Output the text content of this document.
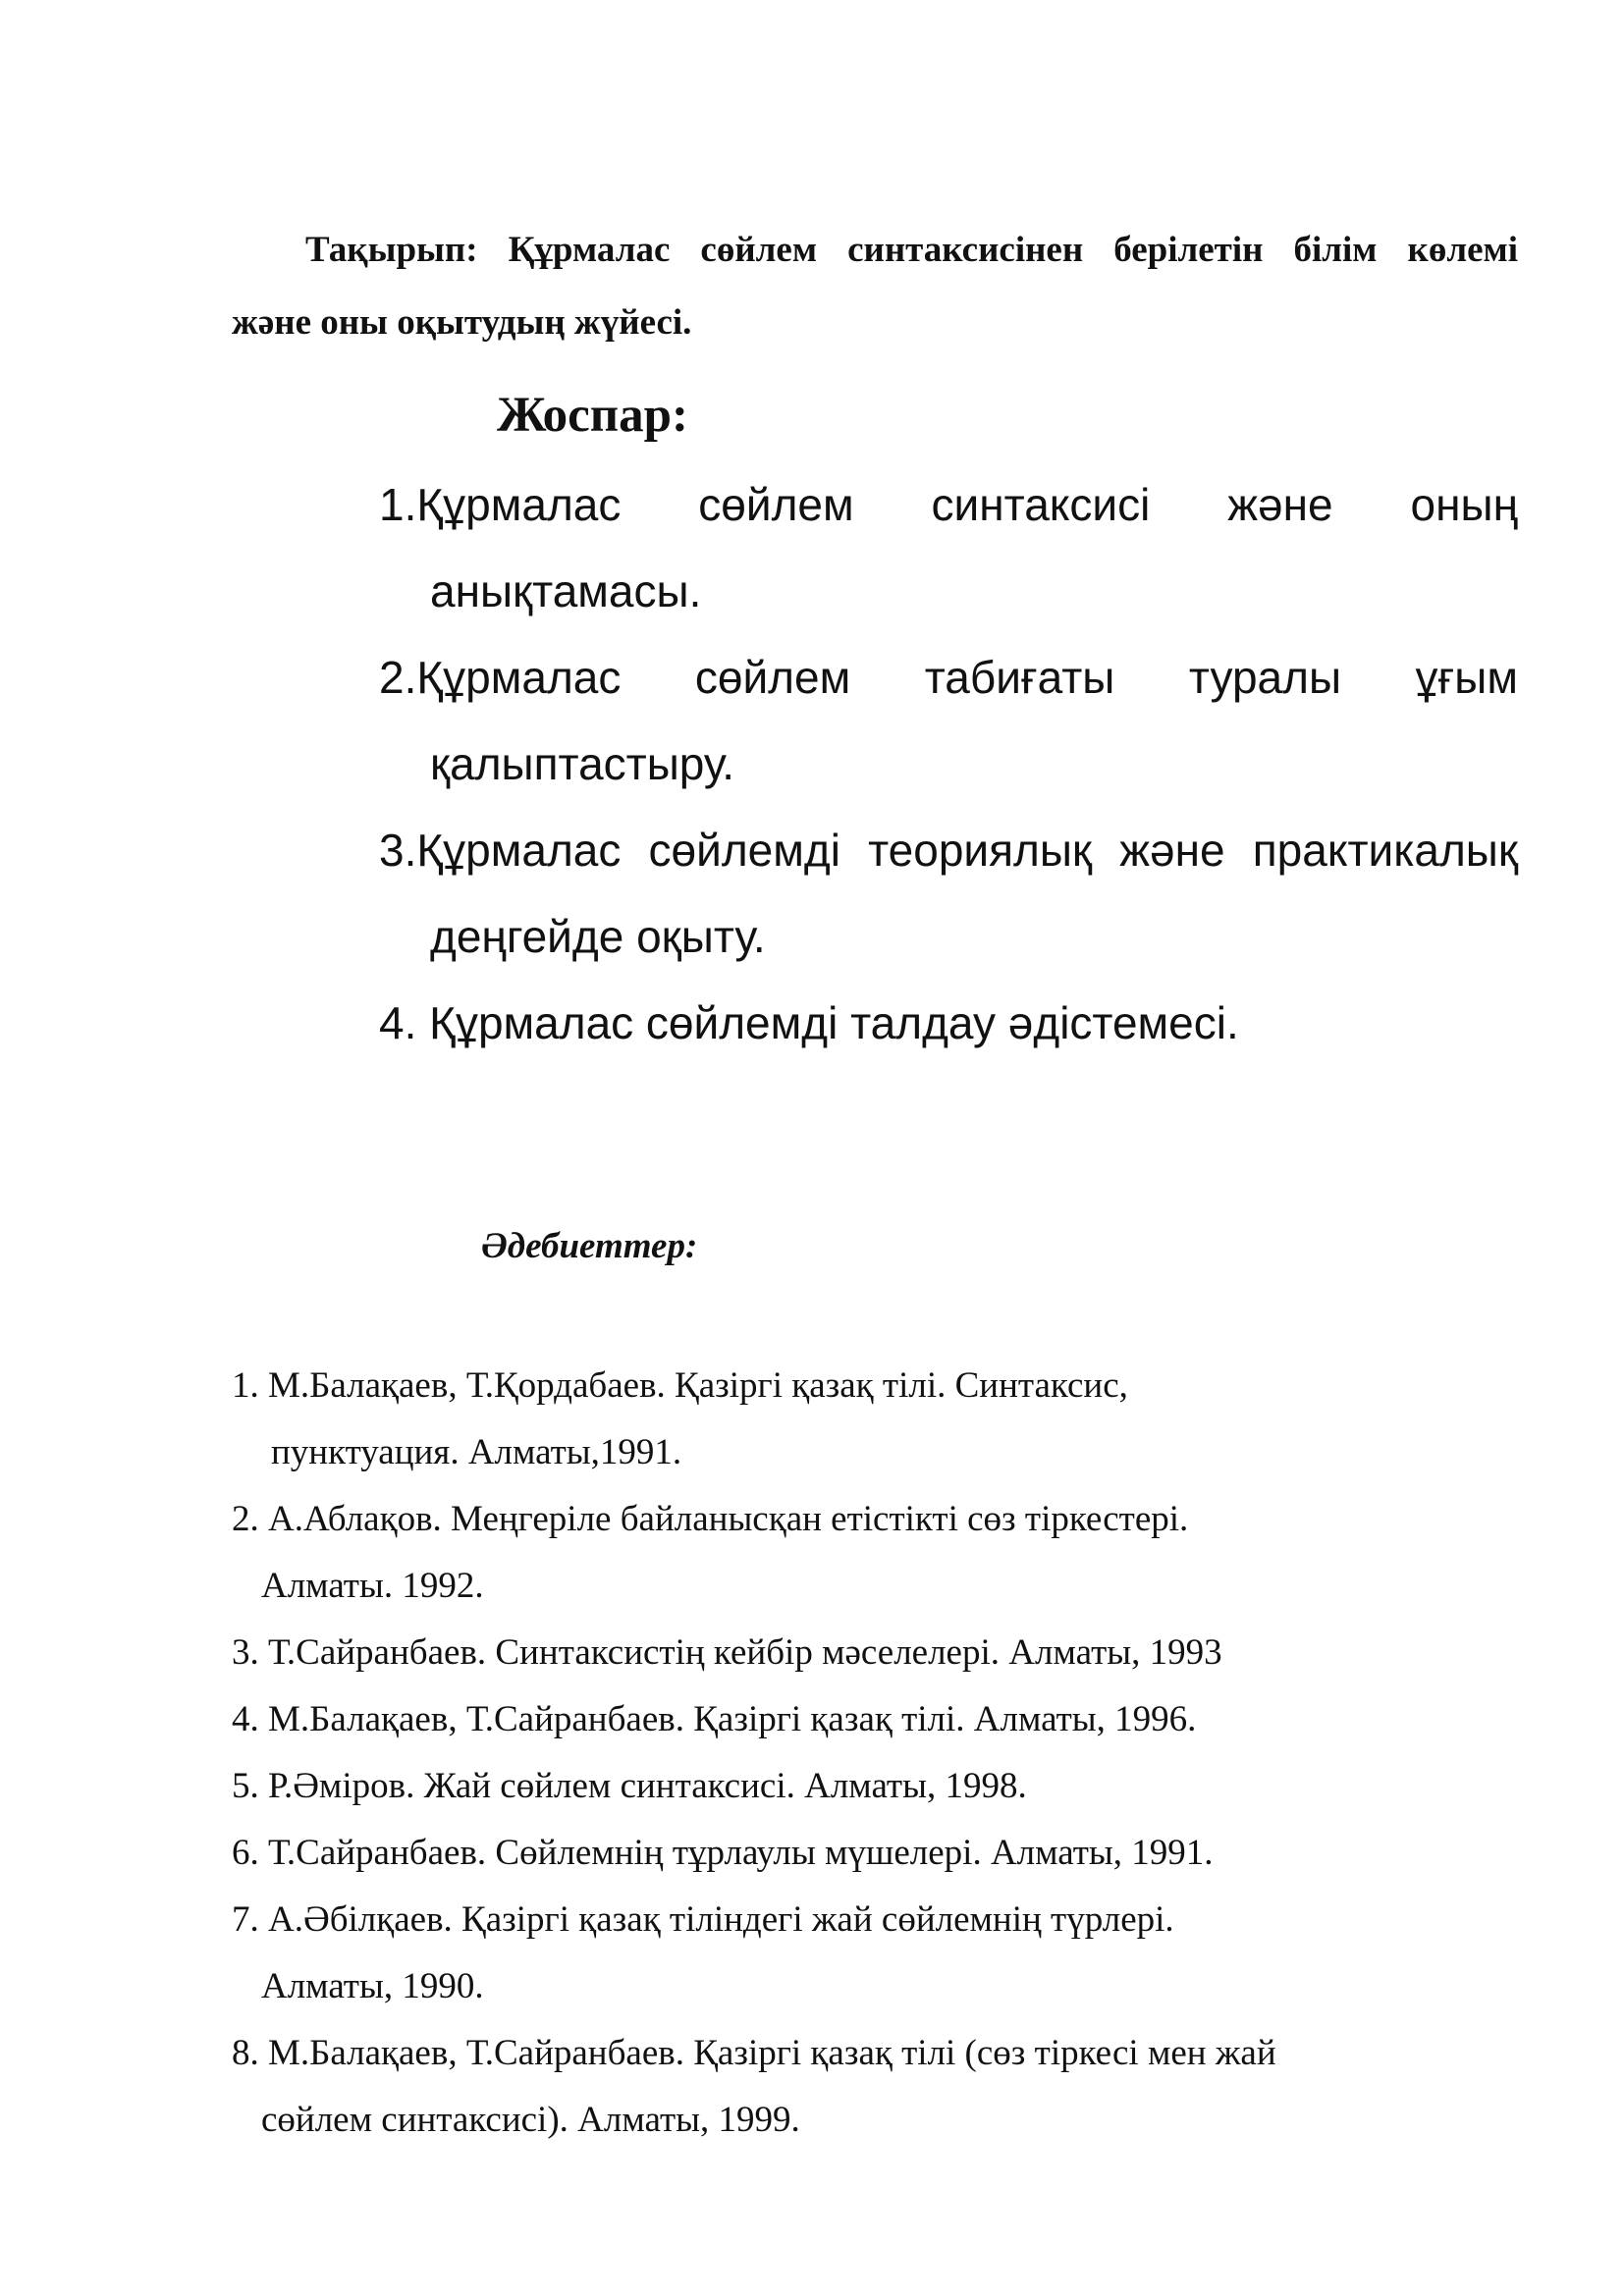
Тақырып: Құрмалас сөйлем синтаксисінен берілетін білім көлемі
және оны оқытудың жүйесі.
Жоспар:
1.Құрмалас сөйлем синтаксисі және оның
анықтамасы.
2.Құрмалас сөйлем табиғаты туралы ұғым
қалыптастыру.
3.Құрмалас сөйлемді теориялық және практикалық
деңгейде оқыту.
4. Құрмалас сөйлемді талдау әдістемесі.
Әдебиеттер:
1. М.Балақаев, Т.Қордабаев. Қазіргі қазақ тілі. Синтаксис,
пунктуация. Алматы,1991.
2. А.Аблақов. Меңгеріле байланысқан етістікті сөз тіркестері.
Алматы. 1992.
3. Т.Сайранбаев. Синтаксистің кейбір мәселелері. Алматы, 1993
4. М.Балақаев, Т.Сайранбаев. Қазіргі қазақ тілі. Алматы, 1996.
5. Р.Әміров. Жай сөйлем синтаксисі. Алматы, 1998.
6. Т.Сайранбаев. Сөйлемнің тұрлаулы мүшелері. Алматы, 1991.
7. А.Әбілқаев. Қазіргі қазақ тіліндегі жай сөйлемнің түрлері.
Алматы, 1990.
8. М.Балақаев, Т.Сайранбаев. Қазіргі қазақ тілі (сөз тіркесі мен жай
сөйлем синтаксисі). Алматы, 1999.
